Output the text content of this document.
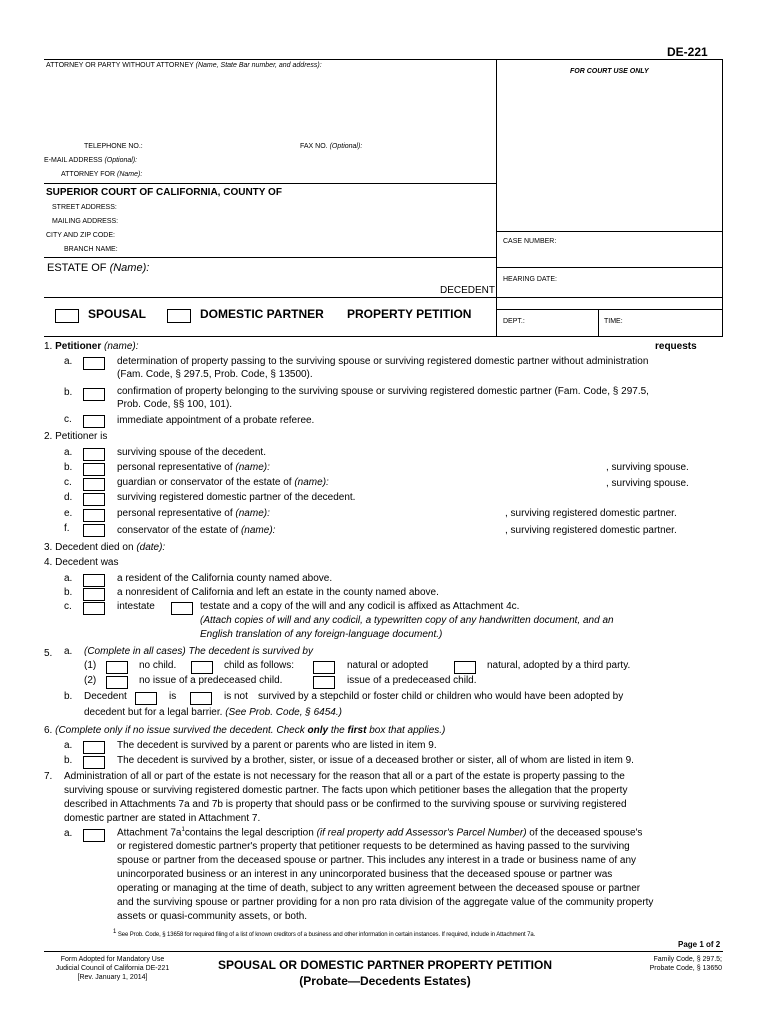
DE-221
ATTORNEY OR PARTY WITHOUT ATTORNEY (Name, State Bar number, and address):
FOR COURT USE ONLY
TELEPHONE NO.:	FAX NO. (Optional):
E-MAIL ADDRESS (Optional):
ATTORNEY FOR (Name):
SUPERIOR COURT OF CALIFORNIA, COUNTY OF
STREET ADDRESS:
MAILING ADDRESS:
CITY AND ZIP CODE:
BRANCH NAME:
CASE NUMBER:
HEARING DATE:
DEPT.:	TIME:
ESTATE OF (Name):
DECEDENT
SPOUSAL	DOMESTIC PARTNER PROPERTY PETITION
1. Petitioner (name):	requests
a.	determination of property passing to the surviving spouse or surviving registered domestic partner without administration
(Fam. Code, § 297.5, Prob. Code, § 13500).
b.	confirmation of property belonging to the surviving spouse or surviving registered domestic partner (Fam. Code, § 297.5,
Prob. Code, §§ 100, 101).
c.	immediate appointment of a probate referee.
2. Petitioner is
a.	surviving spouse of the decedent.
b.	personal representative of (name):	, surviving spouse.
c.	guardian or conservator of the estate of (name):	, surviving spouse.
d.	surviving registered domestic partner of the decedent.
e.	personal representative of (name):	, surviving registered domestic partner.
f.	conservator of the estate of (name):	, surviving registered domestic partner.
3. Decedent died on (date):
4. Decedent was
a.	a resident of the California county named above.
b.	a nonresident of California and left an estate in the county named above.
c.	intestate	testate and a copy of the will and any codicil is affixed as Attachment 4c.
(Attach copies of will and any codicil, a typewritten copy of any handwritten document, and an
English translation of any foreign-language document.)
5. a. (Complete in all cases) The decedent is survived by
(1)	no child.	child as follows:	natural or adopted	natural, adopted by a third party.
(2)	no issue of a predeceased child.	issue of a predeceased child.
b. Decedent	is	is not survived by a stepchild or foster child or children who would have been adopted by
decedent but for a legal barrier. (See Prob. Code, § 6454.)
6. (Complete only if no issue survived the decedent. Check only the first box that applies.)
a.	The decedent is survived by a parent or parents who are listed in item 9.
b.	The decedent is survived by a brother, sister, or issue of a deceased brother or sister, all of whom are listed in item 9.
7. Administration of all or part of the estate is not necessary for the reason that all or a part of the estate is property passing to the
surviving spouse or surviving registered domestic partner. The facts upon which petitioner bases the allegation that the property
described in Attachments 7a and 7b is property that should pass or be confirmed to the surviving spouse or surviving registered
domestic partner are stated in Attachment 7.
a.	Attachment $7a^1contains$ the legal description (if real property add Assessor's Parcel Number) of the deceased spouse's
or registered domestic partner's property that petitioner requests to be determined as having passed to the surviving
spouse or partner from the deceased spouse or partner. This includes any interest in a trade or business name of any
unincorporated business or an interest in any unincorporated business that the deceased spouse or partner was
operating or managing at the time of death, subject to any written agreement between the deceased spouse or partner
and the surviving spouse or partner providing for a non pro rata division of the aggregate value of the community property
assets or quasi-community assets, or both.
$^1$ See Prob. Code, § 13658 for required filing of a list of known creditors of a business and other information in certain instances. If required, include in Attachment 7a.
Page 1 of 2
Form Adopted for Mandatory Use
Judicial Council of California DE-221
[Rev. January 1, 2014]
SPOUSAL OR DOMESTIC PARTNER PROPERTY PETITION
(Probate—Decedents Estates)
Family Code, § 297.5;
Probate Code, § 13650
